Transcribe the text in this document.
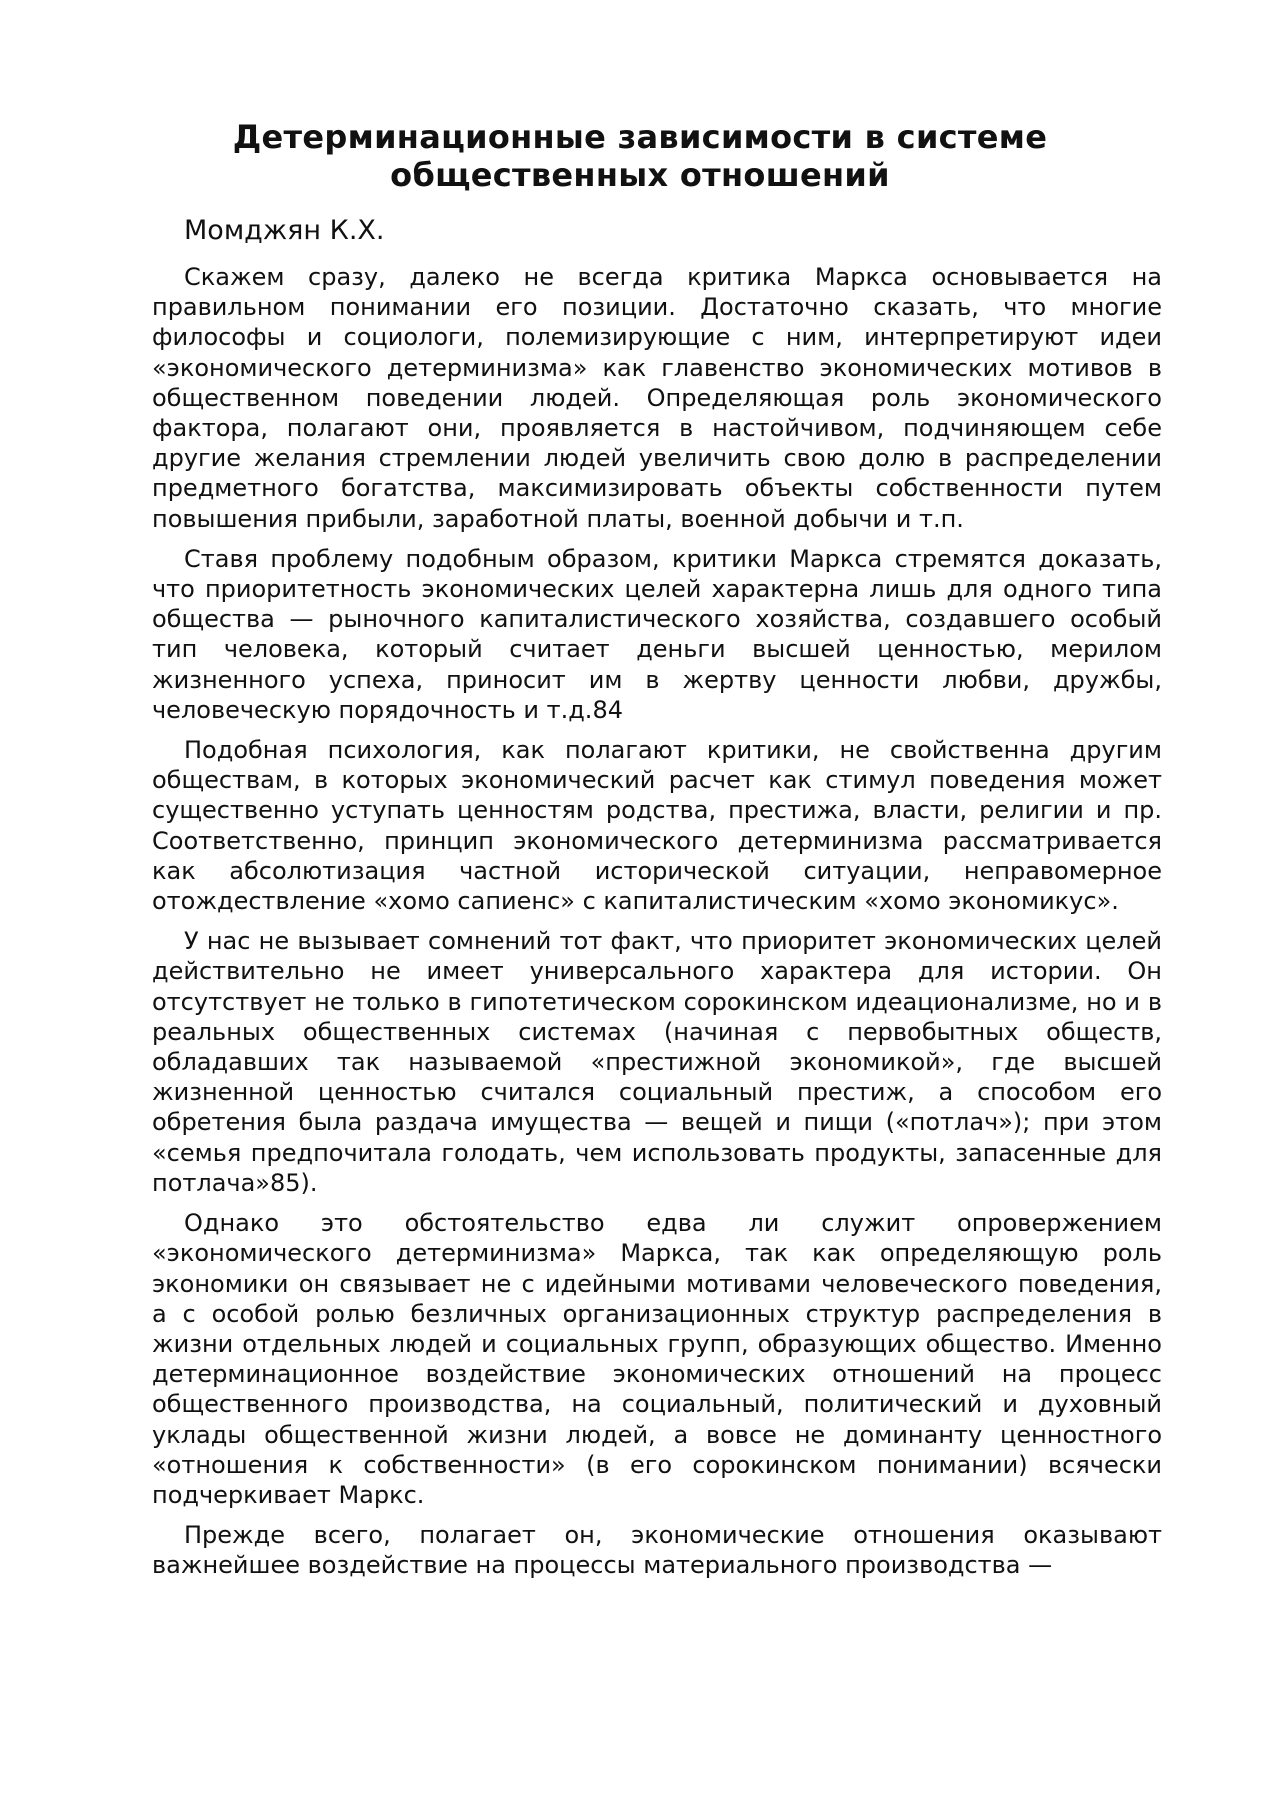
Детерминационные зависимости в системе общественных отношений
Момджян К.Х.

Скажем сразу, далеко не всегда критика Маркса основывается на правильном понимании его позиции. Достаточно сказать, что многие философы и социологи, полемизирующие с ним, интерпретируют идеи «экономического детерминизма» как главенство экономических мотивов в общественном поведении людей. Определяющая роль экономического фактора, полагают они, проявляется в настойчивом, подчиняющем себе другие желания стремлении людей увеличить свою долю в распределении предметного богатства, максимизировать объекты собственности путем повышения прибыли, заработной платы, военной добычи и т.п.

Ставя проблему подобным образом, критики Маркса стремятся доказать, что приоритетность экономических целей характерна лишь для одного типа общества — рыночного капиталистического хозяйства, создавшего особый тип человека, который считает деньги высшей ценностью, мерилом жизненного успеха, приносит им в жертву ценности любви, дружбы, человеческую порядочность и т.д.84

Подобная психология, как полагают критики, не свойственна другим обществам, в которых экономический расчет как стимул поведения может существенно уступать ценностям родства, престижа, власти, религии и пр. Соответственно, принцип экономического детерминизма рассматривается как абсолютизация частной исторической ситуации, неправомерное отождествление «хомо сапиенс» с капиталистическим «хомо экономикус».

У нас не вызывает сомнений тот факт, что приоритет экономических целей действительно не имеет универсального характера для истории. Он отсутствует не только в гипотетическом сорокинском идеационализме, но и в реальных общественных системах (начиная с первобытных обществ, обладавших так называемой «престижной экономикой», где высшей жизненной ценностью считался социальный престиж, а способом его обретения была раздача имущества — вещей и пищи («потлач»); при этом «семья предпочитала голодать, чем использовать продукты, запасенные для потлача»85).

Однако это обстоятельство едва ли служит опровержением «экономического детерминизма» Маркса, так как определяющую роль экономики он связывает не с идейными мотивами человеческого поведения, а с особой ролью безличных организационных структур распределения в жизни отдельных людей и социальных групп, образующих общество. Именно детерминационное воздействие экономических отношений на процесс общественного производства, на социальный, политический и духовный уклады общественной жизни людей, а вовсе не доминанту ценностного «отношения к собственности» (в его сорокинском понимании) всячески подчеркивает Маркс.

Прежде всего, полагает он, экономические отношения оказывают важнейшее воздействие на процессы материального производства —
